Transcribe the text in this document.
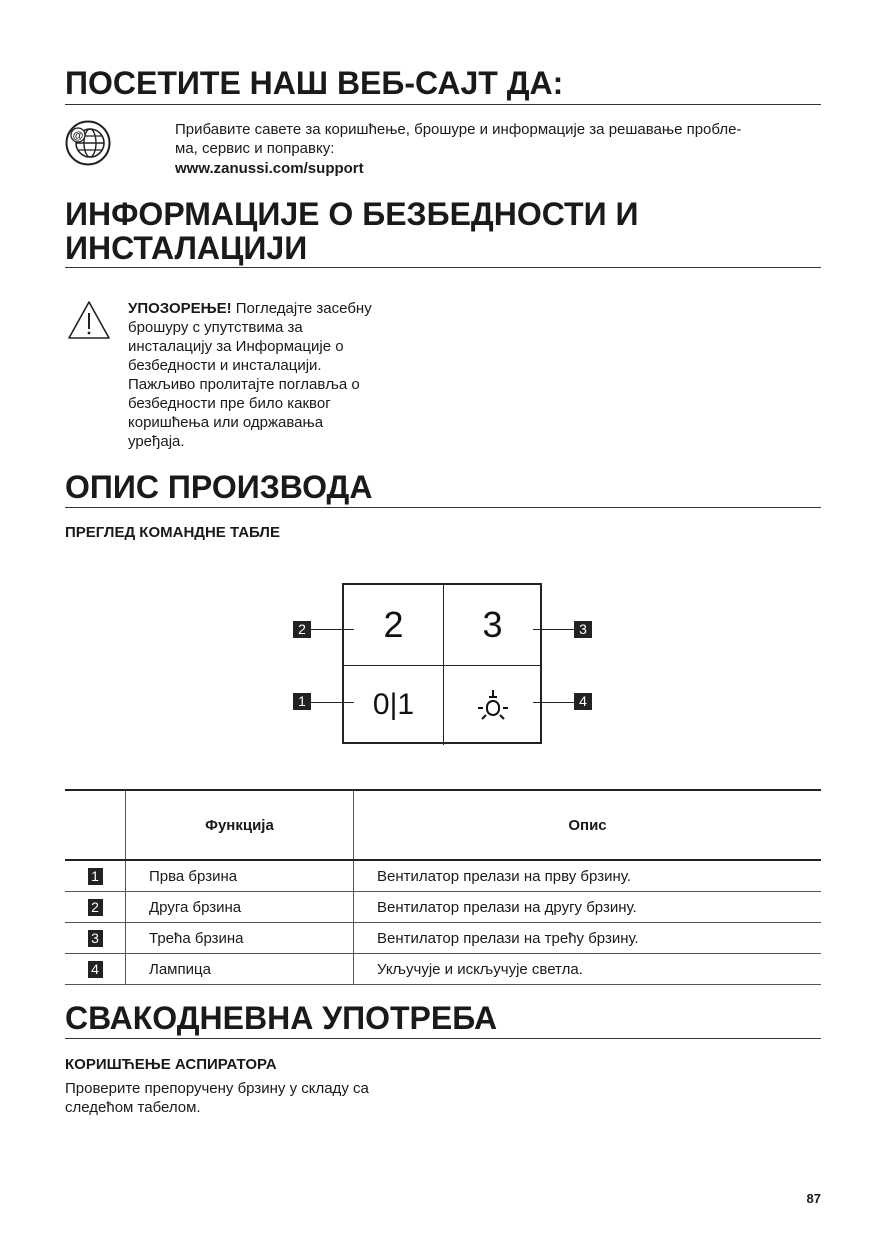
ПОСЕТИТЕ НАШ ВЕБ-САЈТ ДА:
@	Прибавите савете за коришћење, брошуре и информације за решавање пробле-
ма, сервис и поправку:
www.zanussi.com/support
ИНФОРМАЦИЈЕ О БЕЗБЕДНОСТИ И
ИНСТАЛАЦИЈИ
УПОЗОРЕЊЕ! Погледајте засебну
брошуру с упутствима за
инсталацију за Информације о
безбедности и инсталацији.
Пажљиво пролитајте поглавља о
безбедности пре било каквог
коришћења или одржавања
уређаја.
ОПИС ПРОИЗВОДА
ПРЕГЛЕД КОМАНДНЕ ТАБЛЕ
2 3
0|1
2
1
3
4
	Функција	Опис
1	Прва брзина	Вентилатор прелази на прву брзину.
2	Друга брзина	Вентилатор прелази на другу брзину.
3	Трећа брзина	Вентилатор прелази на трећу брзину.
4	Лампица	Укључује и искључује светла.
СВАКОДНЕВНА УПОТРЕБА
КОРИШЋЕЊЕ АСПИРАТОРА
Проверите препоручену брзину у складу са
следећом табелом.
87
